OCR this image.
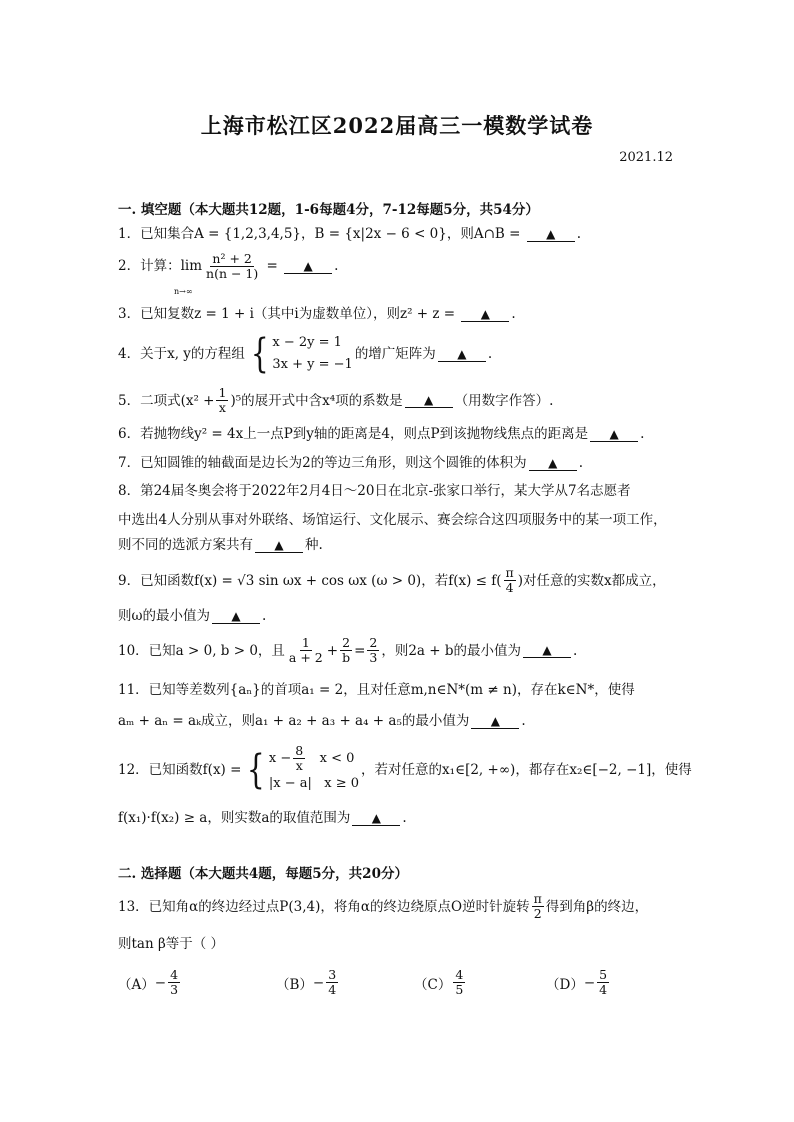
上海市松江区2022届高三一模数学试卷
2021.12
一. 填空题（本大题共12题，1-6每题4分，7-12每题5分，共54分）
1．已知集合A = {1,2,3,4,5}，B = {x|2x − 6 < 0}，则A∩B = ▲ .
2．计算：$\lim \frac{\text{n² + 2}}{n(n - 1)}$ = ▲ .
n→∞
3．已知复数z = 1 + i（其中i为虚数单位），则z² + z = ▲ .
4．关于x, y的方程组 { x − 2y = 1
3x + y = −1
的增广矩阵为	▲	.
5．二项式$(x^2 + \frac{1}{x} )^5$的展开式中含x⁴项的系数是	▲	（用数字作答）.
6．若抛物线y² = 4x上一点P到y轴的距离是4，则点P到该抛物线焦点的距离是 ▲ .
7．已知圆锥的轴截面是边长为2的等边三角形，则这个圆锥的体积为 ▲ .
8．第24届冬奥会将于2022年2月4日～20日在北京-张家口举行，某大学从7名志愿者
中选出4人分别从事对外联络、场馆运行、文化展示、赛会综合这四项服务中的某一项工作，
则不同的选派方案共有 ▲ 种.
9．已知函数f(x) = √3 sin ωx + cos ωx (ω > 0)，若$f(x) \le f( \frac{\pi}{4}$ )对任意的实数x都成立，
则ω的最小值为 ▲ .
10．已知a > 0, b > 0，且 $\frac{1}{a + 2} + \frac{2}{b} = \frac{2}{3}$ ，则2a + b的最小值为	▲	.
11．已知等差数列{aₙ}的首项a₁ = 2，且对任意m,n∈N*(m ≠ n)，存在k∈N*，使得
aₘ + aₙ = aₖ成立，则a₁ + a₂ + a₃ + a₄ + a₅的最小值为 ▲ .
12．已知函数f(x) = { $x - \frac{8}{x}$ x < 0
|x − a|   x ≥ 0
，若对任意的x₁∈[2, +∞)，都存在x₂∈[−2, −1]，使得
f(x₁)·f(x₂) ≥ a，则实数a的取值范围为 ▲ .
二. 选择题（本大题共4题，每题5分，共20分）
13．已知角α的终边经过点P(3,4)，将角α的终边绕原点O逆时针旋转 $\frac{\pi}{2}$ 得到角β的终边，
则tan β等于（ ）
$(A) - \frac{4}{3}$	$(B) - \frac{3}{4}$	$(C) \frac{4}{5}$	$(D) - \frac{5}{4}$
